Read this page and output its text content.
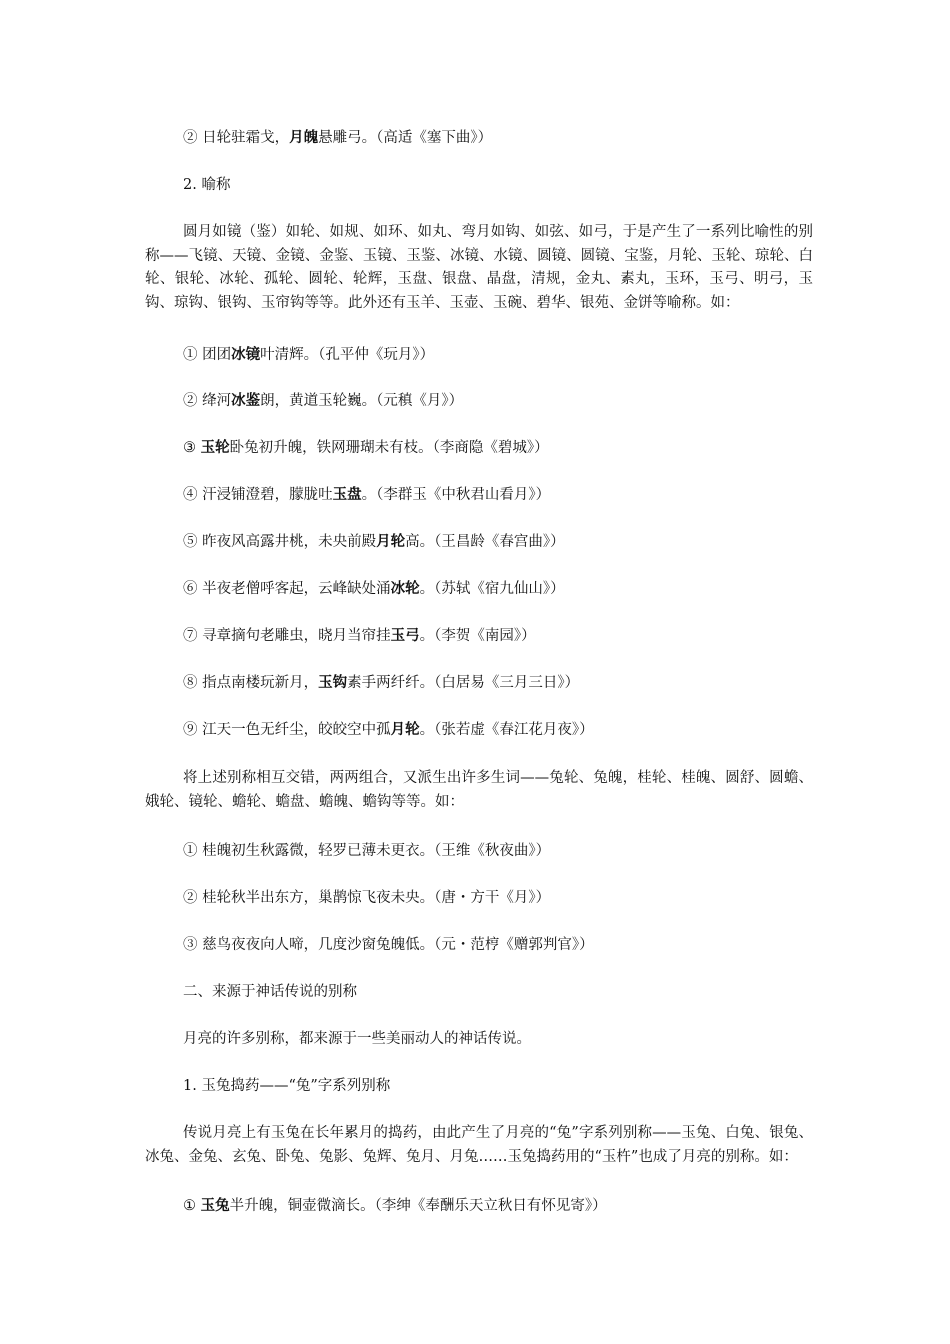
② 日轮驻霜戈，月魄悬雕弓。（高适《塞下曲》）
2. 喻称
圆月如镜（鉴）如轮、如规、如环、如丸、弯月如钩、如弦、如弓，于是产生了一系列比喻性的别称——飞镜、天镜、金镜、金鉴、玉镜、玉鉴、冰镜、水镜、圆镜、圆镜、宝鉴，月轮、玉轮、琼轮、白轮、银轮、冰轮、孤轮、圆轮、轮辉，玉盘、银盘、晶盘，清规，金丸、素丸，玉环，玉弓、明弓，玉钩、琼钩、银钩、玉帘钩等等。此外还有玉羊、玉壶、玉碗、碧华、银苑、金饼等喻称。如：
① 团团冰镜叶清辉。（孔平仲《玩月》）
② 绛河冰鉴朗，黄道玉轮巍。（元稹《月》）
③ 玉轮卧兔初升魄，铁网珊瑚未有枝。（李商隐《碧城》）
④ 汗浸铺澄碧，朦胧吐玉盘。（李群玉《中秋君山看月》）
⑤ 昨夜风高露井桃，未央前殿月轮高。（王昌龄《春宫曲》）
⑥ 半夜老僧呼客起，云峰缺处涌冰轮。（苏轼《宿九仙山》）
⑦ 寻章摘句老雕虫，晓月当帘挂玉弓。（李贺《南园》）
⑧ 指点南楼玩新月，玉钩素手两纤纤。（白居易《三月三日》）
⑨ 江天一色无纤尘，皎皎空中孤月轮。（张若虚《春江花月夜》）
将上述别称相互交错，两两组合，又派生出许多生词——兔轮、兔魄，桂轮、桂魄、圆舒、圆蟾、娥轮、镜轮、蟾轮、蟾盘、蟾魄、蟾钩等等。如：
① 桂魄初生秋露微，轻罗已薄未更衣。（王维《秋夜曲》）
② 桂轮秋半出东方，巢鹊惊飞夜未央。（唐・方干《月》）
③ 慈鸟夜夜向人啼，几度沙窗兔魄低。（元・范梈《赠郭判官》）
二、来源于神话传说的别称
月亮的许多别称，都来源于一些美丽动人的神话传说。
1. 玉兔捣药——“兔”字系列别称
传说月亮上有玉兔在长年累月的捣药，由此产生了月亮的“兔”字系列别称——玉兔、白兔、银兔、冰兔、金兔、玄兔、卧兔、兔影、兔辉、兔月、月兔……玉兔捣药用的“玉杵”也成了月亮的别称。如：
① 玉兔半升魄，铜壶微滴长。（李绅《奉酬乐天立秋日有怀见寄》）
